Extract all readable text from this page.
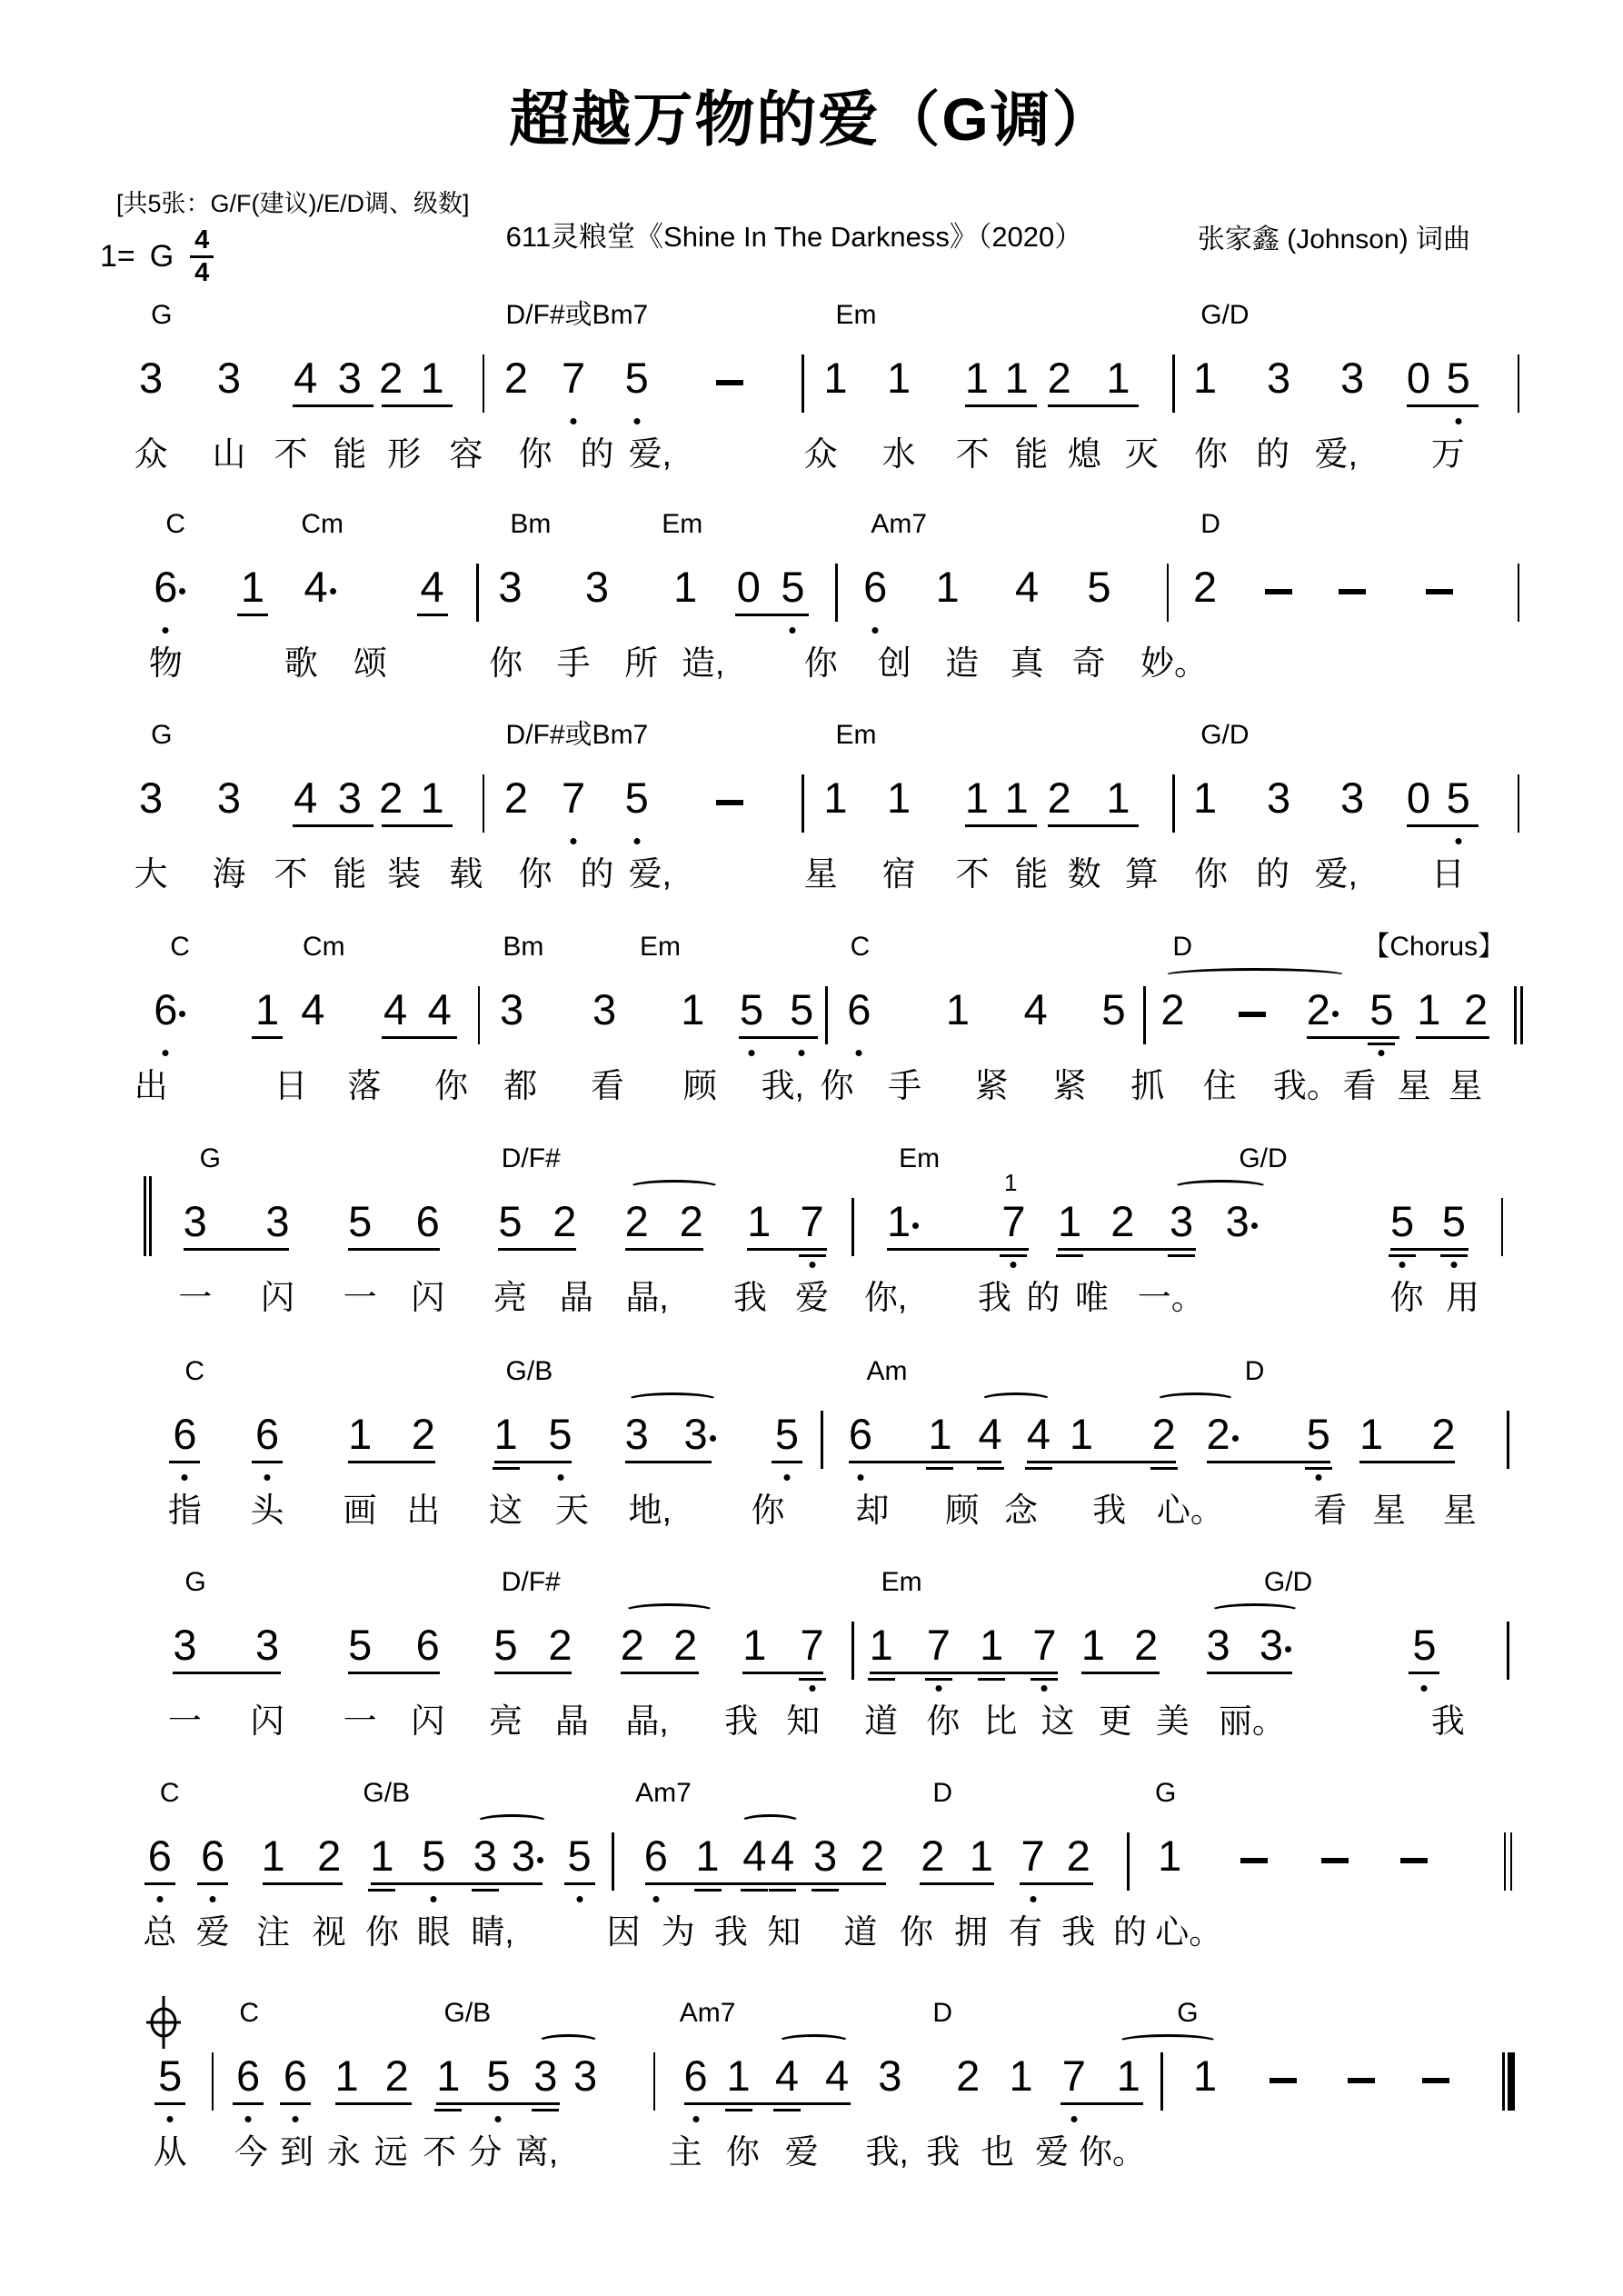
[共5张：G/F(建议)/E/D调、级数]
超越万物的爱（G调）
611灵粮堂《Shine In The Darkness》（2020）	张家鑫 (Johnson) 词曲
1= G $\frac{4}{4}$
G	D/F#或Bm7	Em	G/D
3 3 4 3 2 1 2 7 5	1 1 1 1 2 1 1 3 3 0 5
众 山 不 能 形 容 你 的 爱,	众 水 不 能 熄 灭 你 的 爱, 万
C	Cm	Bm	Em	Am7	D
6 1 4 4 3 3 1 0 5 6 1 4 5 2
物	歌 颂	你 手 所 造, 你 创 造 真 奇 妙。
G	D/F#或Bm7	Em	G/D
3 3 4 3 2 1 2 7 5	1 1 1 1 2 1 1 3 3 0 5
大 海 不 能 装 载 你 的 爱,	星 宿 不 能 数 算 你 的 爱, 日
C	Cm	Bm	Em	C	D	【Chorus】
6 1 4 4 4 3 3 1 5 5 6 1 4 5 2	2 5 1 2
出	日 落 你 都 看 顾 我, 你 手 紧 紧 抓 住 我。 看 星 星
G	D/F#	Em	G/D
1
3 3 5 6 5 2 2 2 1 7 1 7 1 2 3 3	5 5
一 闪 一 闪 亮 晶 晶, 我 爱 你, 我 的 唯 一。	你 用
C	G/B	Am	D
6 6 1 2 1 5 3 3 5 6 1 4 4 1 2 2 5 1 2
指 头 画 出 这 天 地, 你 却 顾 念 我 心。	看 星 星
G	D/F#	Em	G/D
3 3 5 6 5 2 2 2 1 7 1 7 1 7 1 2 3 3	5
一 闪 一 闪 亮 晶 晶, 我 知 道 你 比 这 更 美 丽。	我
C	G/B	Am7	D	G
6 6 1 2 1 5 3 3 5 6 1 4 4 3 2 2 1 7 2 1
总 爱 注 视 你 眼 睛,	因 为 我 知 道 你 拥 有 我 的 心。
C	G/B	Am7	D	G
5 6 6 1 2 1 5 3 3 6 1 4 4 3 2 1 7 1 1
从 今 到 永 远 不 分 离,	主 你 爱 我, 我 也 爱 你。
